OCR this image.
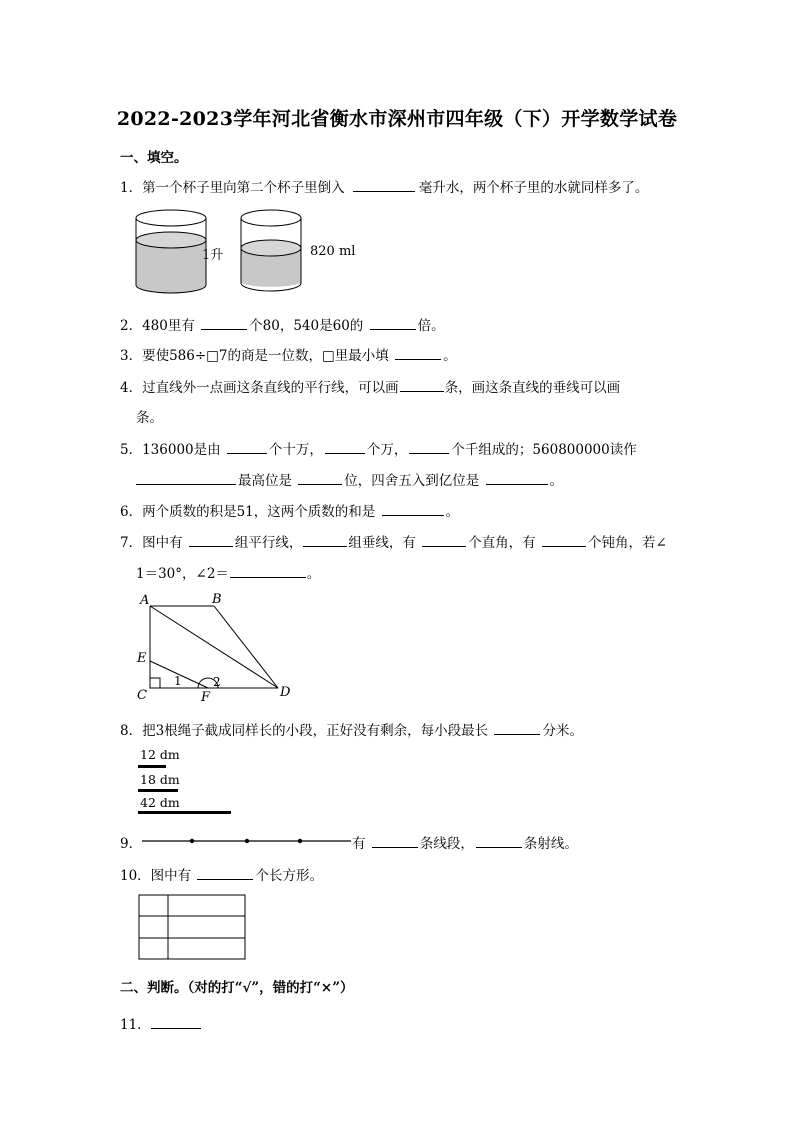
2022-2023学年河北省衡水市深州市四年级（下）开学数学试卷
一、填空。
1．第一个杯子里向第二个杯子里倒入	毫升水，两个杯子里的水就同样多了。
1升	820 ml
2．480里有	个80，540是60的	倍。
3．要使586÷□7的商是一位数，□里最小填	。
4．过直线外一点画这条直线的平行线，可以画	条，画这条直线的垂线可以画
条。
5．136000是由	个十万，	个万，	个千组成的；560800000读作
最高位是	位，四舍五入到亿位是	。
6．两个质数的积是51，这两个质数的和是	。
7．图中有	组平行线，	组垂线，有	个直角，有	个钝角，若∠
1＝30°，∠2＝	。
A	B
E
C	F	D
1	2
8．把3根绳子截成同样长的小段，正好没有剩余，每小段最长	分米。
12 dm
18 dm
42 dm
9．	有	条线段，	条射线。
10．图中有	个长方形。
二、判断。（对的打“√”，错的打“×”）
11．
